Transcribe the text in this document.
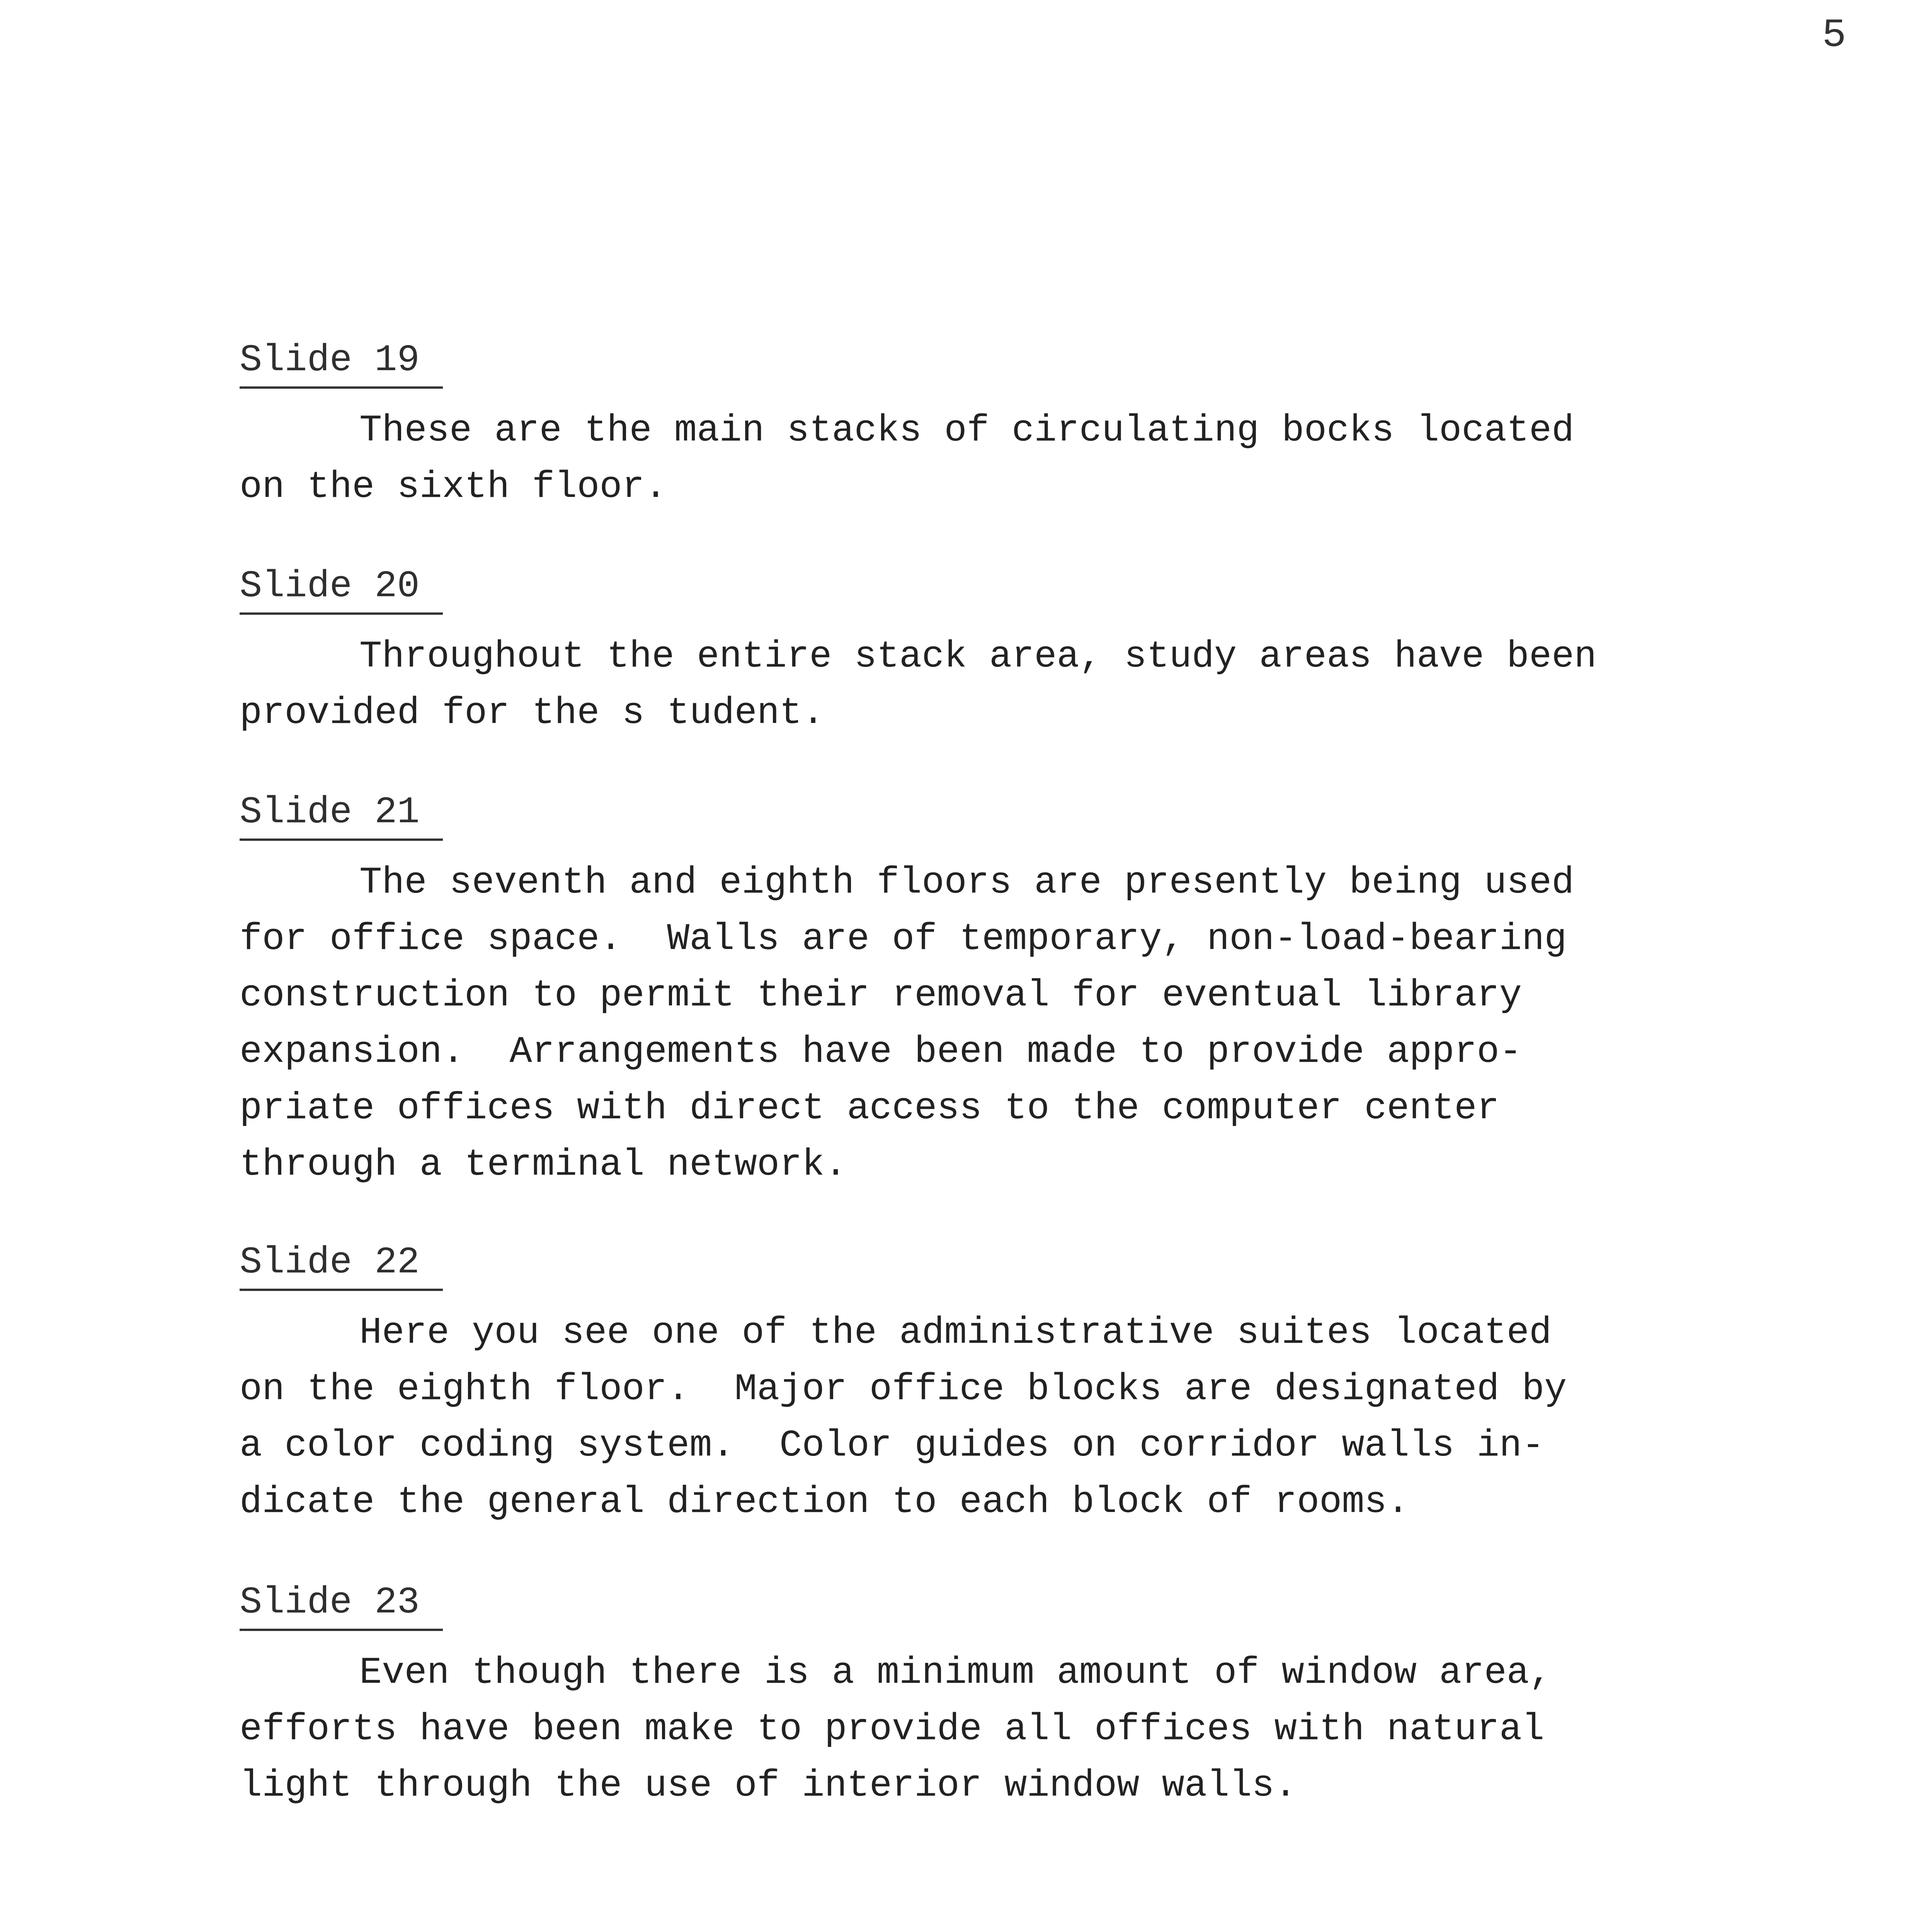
5
Slide 19
These are the main stacks of circulating bocks located
on the sixth floor.
Slide 20
Throughout the entire stack area, study areas have been
provided for the s tudent.
Slide 21
The seventh and eighth floors are presently being used
for office space.  Walls are of temporary, non-load-bearing
construction to permit their removal for eventual library
expansion.  Arrangements have been made to provide appro-
priate offices with direct access to the computer center
through a terminal network.
Slide 22
Here you see one of the administrative suites located
on the eighth floor.  Major office blocks are designated by
a color coding system.  Color guides on corridor walls in-
dicate the general direction to each block of rooms.
Slide 23
Even though there is a minimum amount of window area,
efforts have been make to provide all offices with natural
light through the use of interior window walls.
